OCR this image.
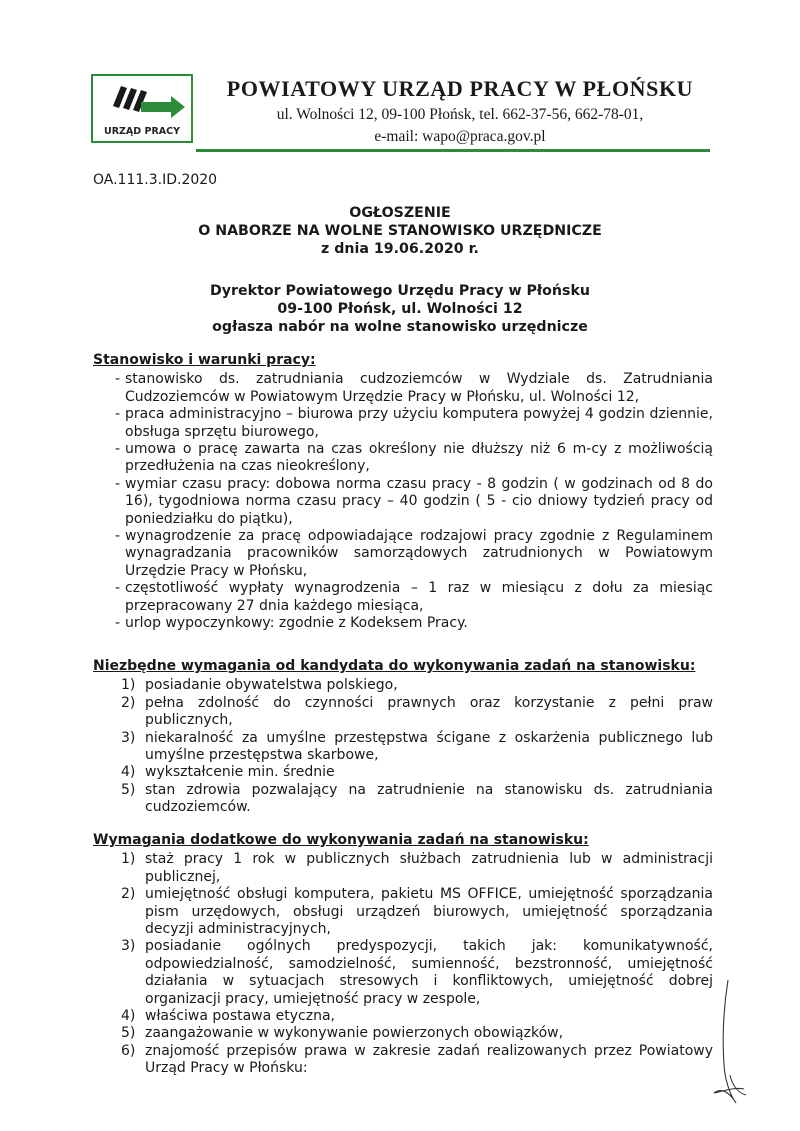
URZĄD PRACY
POWIATOWY URZĄD PRACY W PŁOŃSKU
ul. Wolności 12, 09-100 Płońsk, tel. 662-37-56, 662-78-01,
e-mail: wapo@praca.gov.pl
OA.111.3.ID.2020
OGŁOSZENIE
O NABORZE NA WOLNE STANOWISKO URZĘDNICZE
z dnia 19.06.2020 r.
Dyrektor Powiatowego Urzędu Pracy w Płońsku
09-100 Płońsk, ul. Wolności 12
ogłasza nabór na wolne stanowisko urzędnicze
Stanowisko i warunki pracy:
- stanowisko ds. zatrudniania cudzoziemców w Wydziale ds. Zatrudniania Cudzoziemców w Powiatowym Urzędzie Pracy w Płońsku, ul. Wolności 12,
- praca administracyjno – biurowa przy użyciu komputera powyżej 4 godzin dziennie, obsługa sprzętu biurowego,
- umowa o pracę zawarta na czas określony nie dłuższy niż 6 m-cy z możliwością przedłużenia na czas nieokreślony,
- wymiar czasu pracy: dobowa norma czasu pracy - 8 godzin ( w godzinach od 8 do 16), tygodniowa norma czasu pracy – 40 godzin ( 5 - cio dniowy tydzień pracy od poniedziałku do piątku),
- wynagrodzenie za pracę odpowiadające rodzajowi pracy zgodnie z Regulaminem wynagradzania pracowników samorządowych zatrudnionych w Powiatowym Urzędzie Pracy w Płońsku,
- częstotliwość wypłaty wynagrodzenia – 1 raz w miesiącu z dołu za miesiąc przepracowany 27 dnia każdego miesiąca,
- urlop wypoczynkowy: zgodnie z Kodeksem Pracy.
Niezbędne wymagania od kandydata do wykonywania zadań na stanowisku:
1) posiadanie obywatelstwa polskiego,
2) pełna zdolność do czynności prawnych oraz korzystanie z pełni praw publicznych,
3) niekaralność za umyślne przestępstwa ścigane z oskarżenia publicznego lub umyślne przestępstwa skarbowe,
4) wykształcenie min. średnie
5) stan zdrowia pozwalający na zatrudnienie na stanowisku ds. zatrudniania cudzoziemców.
Wymagania dodatkowe do wykonywania zadań na stanowisku:
1) staż pracy 1 rok w publicznych służbach zatrudnienia lub w administracji publicznej,
2) umiejętność obsługi komputera, pakietu MS OFFICE, umiejętność sporządzania pism urzędowych, obsługi urządzeń biurowych, umiejętność sporządzania decyzji administracyjnych,
3) posiadanie ogólnych predyspozycji, takich jak: komunikatywność, odpowiedzialność, samodzielność, sumienność, bezstronność, umiejętność działania w sytuacjach stresowych i konfliktowych, umiejętność dobrej organizacji pracy, umiejętność pracy w zespole,
4) właściwa postawa etyczna,
5) zaangażowanie w wykonywanie powierzonych obowiązków,
6) znajomość przepisów prawa w zakresie zadań realizowanych przez Powiatowy Urząd Pracy w Płońsku:
